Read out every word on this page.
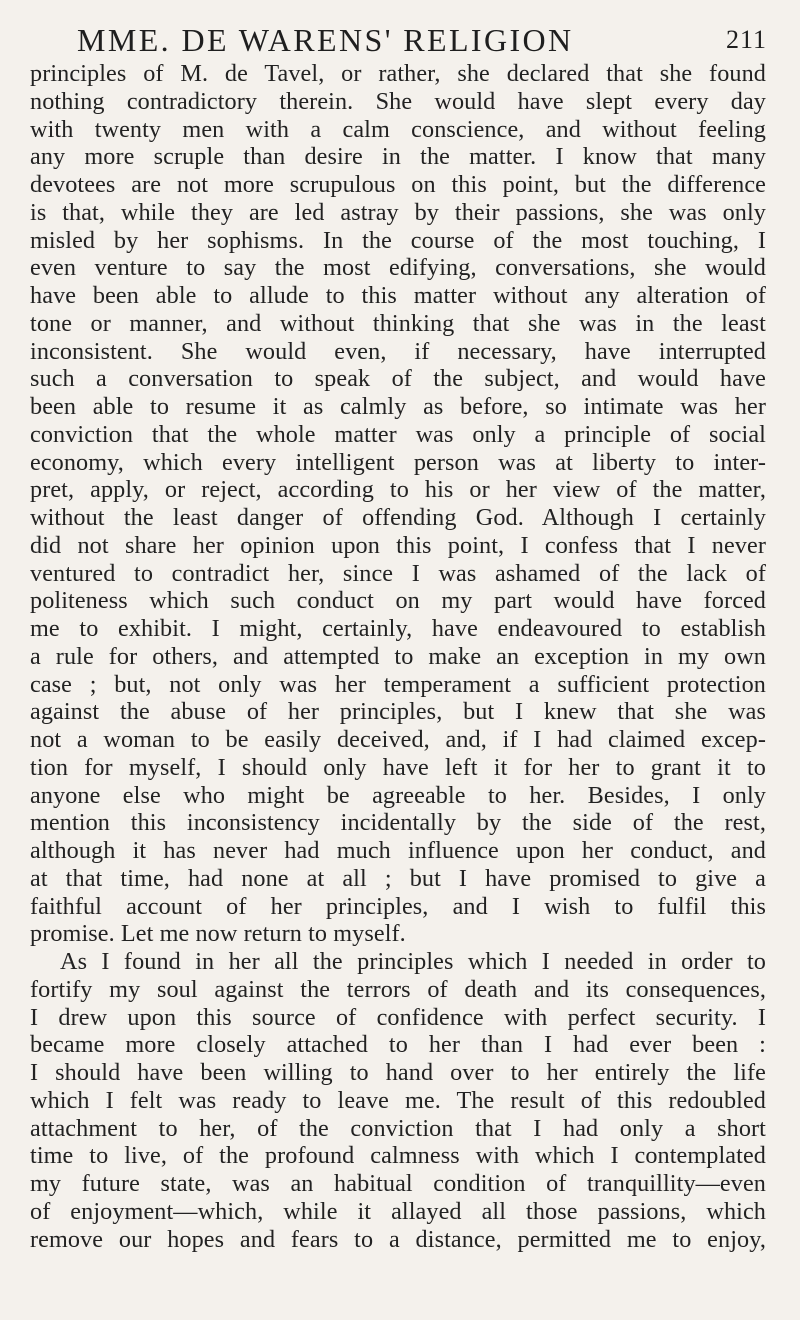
MME. DE WARENS' RELIGION	211
principles of M. de Tavel, or rather, she declared that she found
nothing contradictory therein. She would have slept every day
with twenty men with a calm conscience, and without feeling
any more scruple than desire in the matter. I know that many
devotees are not more scrupulous on this point, but the difference
is that, while they are led astray by their passions, she was only
misled by her sophisms. In the course of the most touching, I
even venture to say the most edifying, conversations, she would
have been able to allude to this matter without any alteration of
tone or manner, and without thinking that she was in the least
inconsistent. She would even, if necessary, have interrupted
such a conversation to speak of the subject, and would have
been able to resume it as calmly as before, so intimate was her
conviction that the whole matter was only a principle of social
economy, which every intelligent person was at liberty to inter-
pret, apply, or reject, according to his or her view of the matter,
without the least danger of offending God. Although I certainly
did not share her opinion upon this point, I confess that I never
ventured to contradict her, since I was ashamed of the lack of
politeness which such conduct on my part would have forced
me to exhibit. I might, certainly, have endeavoured to establish
a rule for others, and attempted to make an exception in my own
case ; but, not only was her temperament a sufficient protection
against the abuse of her principles, but I knew that she was
not a woman to be easily deceived, and, if I had claimed excep-
tion for myself, I should only have left it for her to grant it to
anyone else who might be agreeable to her. Besides, I only
mention this inconsistency incidentally by the side of the rest,
although it has never had much influence upon her conduct, and
at that time, had none at all ; but I have promised to give a
faithful account of her principles, and I wish to fulfil this
promise. Let me now return to myself.
As I found in her all the principles which I needed in order to
fortify my soul against the terrors of death and its consequences,
I drew upon this source of confidence with perfect security. I
became more closely attached to her than I had ever been :
I should have been willing to hand over to her entirely the life
which I felt was ready to leave me. The result of this redoubled
attachment to her, of the conviction that I had only a short
time to live, of the profound calmness with which I contemplated
my future state, was an habitual condition of tranquillity—even
of enjoyment—which, while it allayed all those passions, which
remove our hopes and fears to a distance, permitted me to enjoy,
